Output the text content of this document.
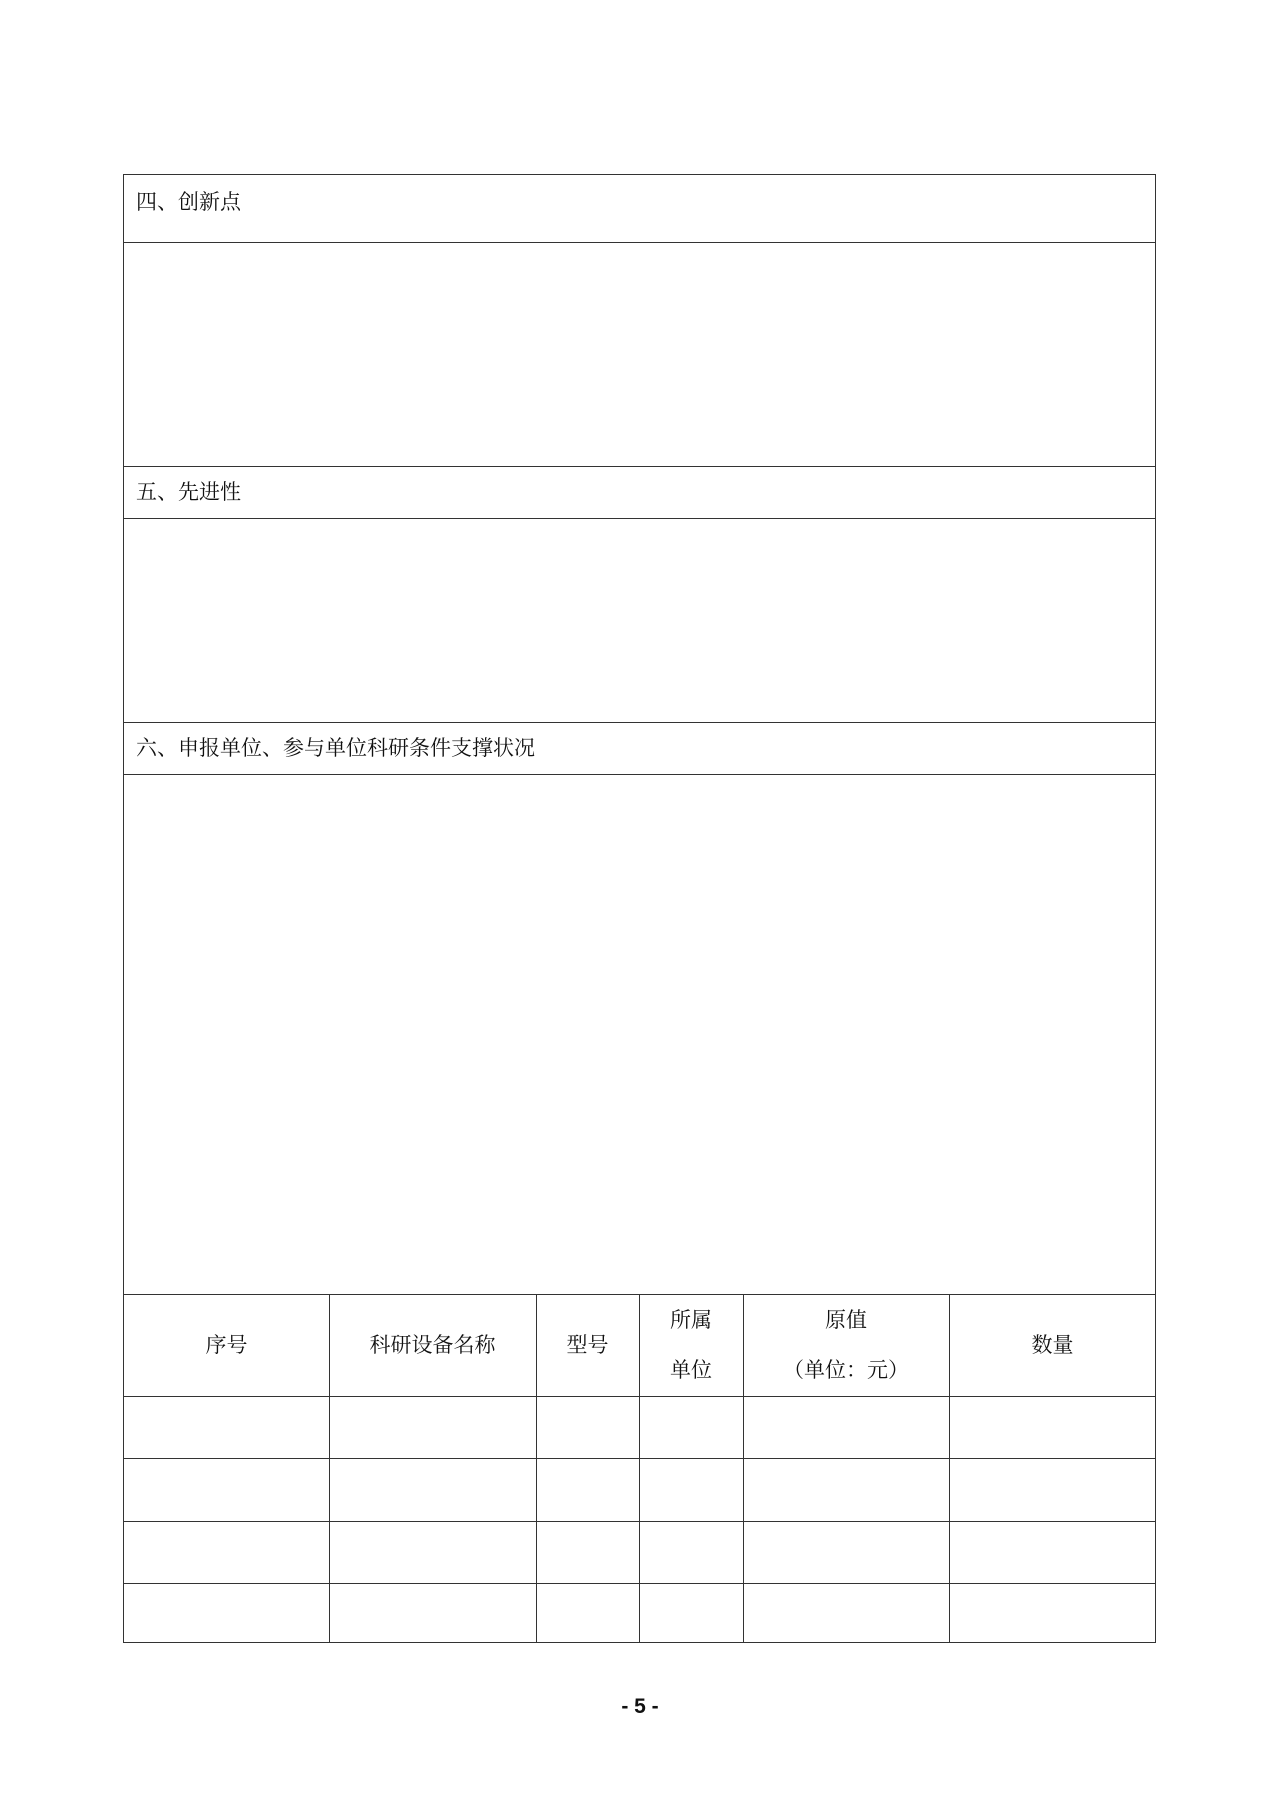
四、创新点
五、先进性
六、申报单位、参与单位科研条件支撑状况
序号	科研设备名称	型号
所属
单位
原值
（单位：元）
数量
- 5 -
